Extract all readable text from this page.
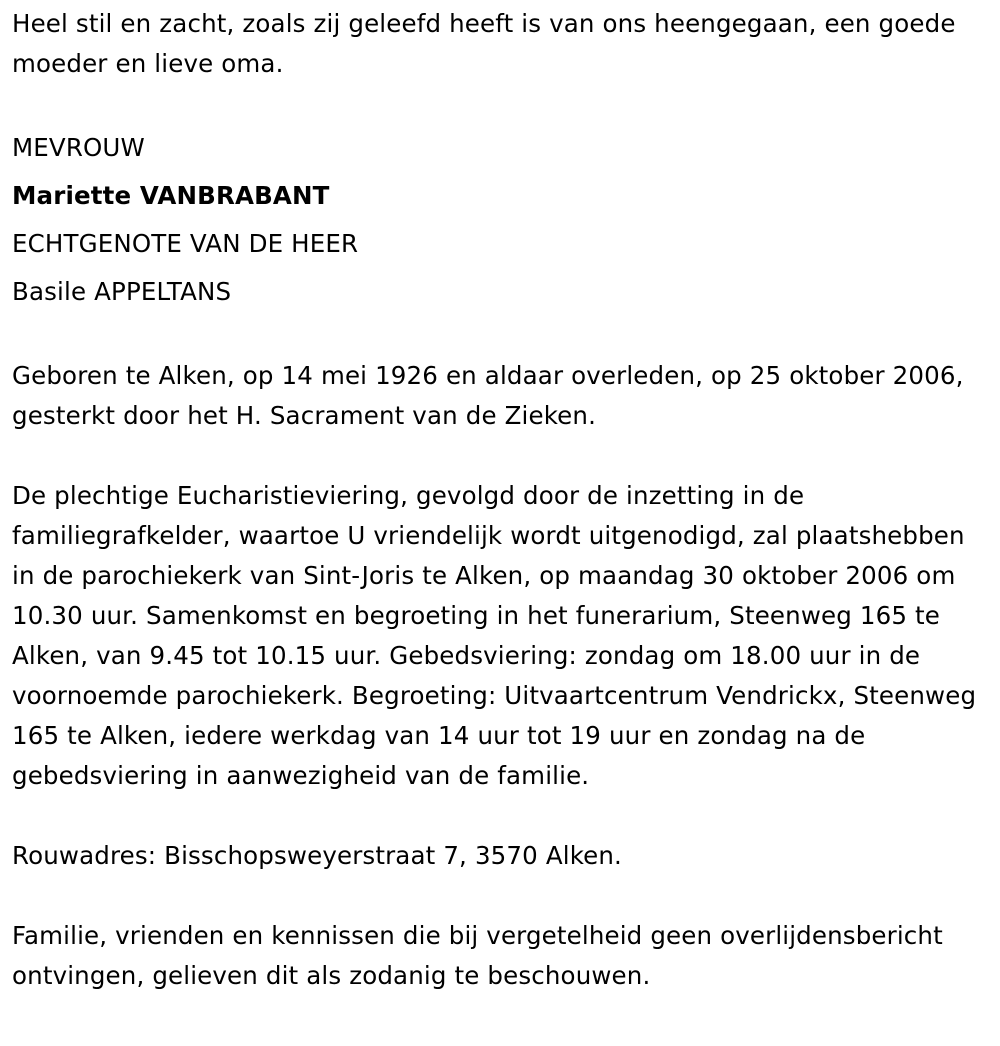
Heel stil en zacht, zoals zij geleefd heeft is van ons heengegaan, een goede moeder en lieve oma.

MEVROUW

Mariette VANBRABANT

ECHTGENOTE VAN DE HEER

Basile APPELTANS

Geboren te Alken, op 14 mei 1926 en aldaar overleden, op 25 oktober 2006, gesterkt door het H. Sacrament van de Zieken.

De plechtige Eucharistieviering, gevolgd door de inzetting in de familiegrafkelder, waartoe U vriendelijk wordt uitgenodigd, zal plaatshebben in de parochiekerk van Sint-Joris te Alken, op maandag 30 oktober 2006 om 10.30 uur. Samenkomst en begroeting in het funerarium, Steenweg 165 te Alken, van 9.45 tot 10.15 uur. Gebedsviering: zondag om 18.00 uur in de voornoemde parochiekerk. Begroeting: Uitvaartcentrum Vendrickx, Steenweg 165 te Alken, iedere werkdag van 14 uur tot 19 uur en zondag na de gebedsviering in aanwezigheid van de familie.

Rouwadres: Bisschopsweyerstraat 7, 3570 Alken.

Familie, vrienden en kennissen die bij vergetelheid geen overlijdensbericht ontvingen, gelieven dit als zodanig te beschouwen.
